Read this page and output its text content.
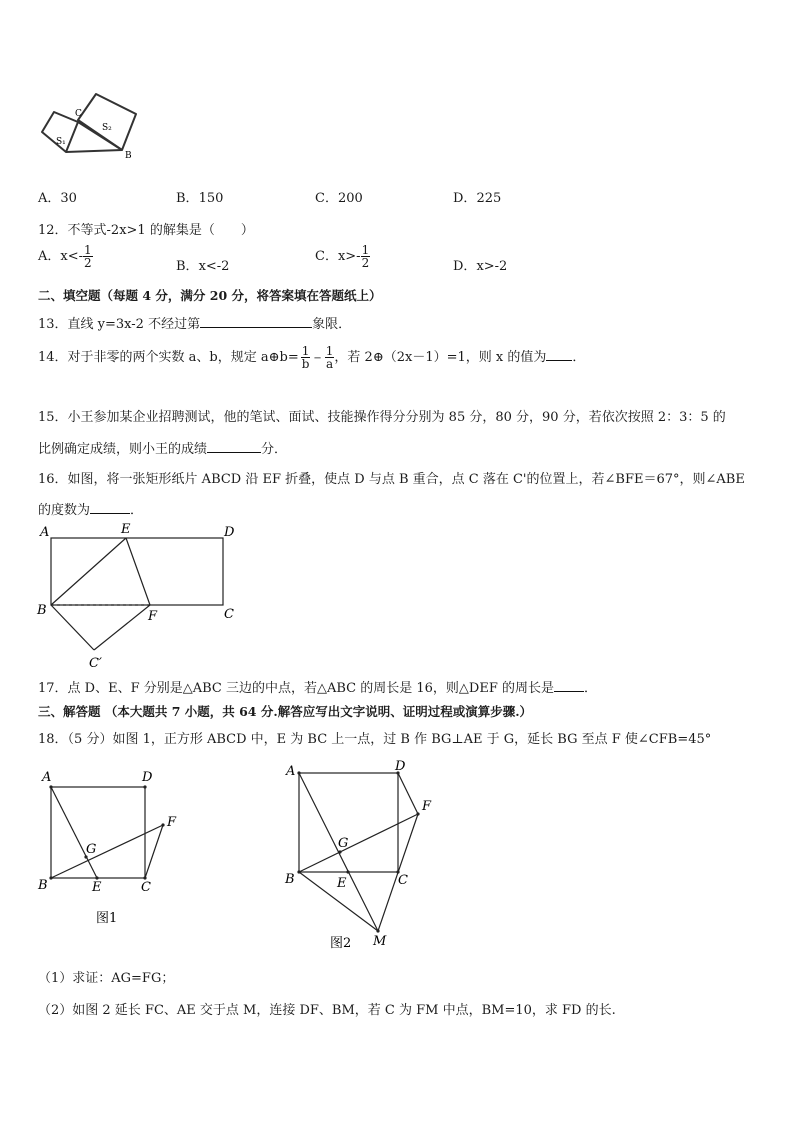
S₁
S₂
C
B
A．30	B．150	C．200	D．225
12．不等式-2x>1 的解集是（　　）
A．$x<- \frac{1}{2}$	B．x<-2
C．$x>- \frac{1}{2}$	D．x>-2
二、填空题（每题 4 分，满分 20 分，将答案填在答题纸上）
13．直线 y=3x-2 不经过第	象限．
14．对于非零的两个实数 a、b，规定 a⊕b= $\frac{1}{b} - \frac{1}{a}$ ，若 2⊕（2x－1）=1，则 x 的值为 ．
15．小王参加某企业招聘测试，他的笔试、面试、技能操作得分分别为 85 分，80 分，90 分，若依次按照 2：3：5 的
比例确定成绩，则小王的成绩	分．
16．如图，将一张矩形纸片 ABCD 沿 EF 折叠，使点 D 与点 B 重合，点 C 落在 C'的位置上，若∠BFE＝67°，则∠ABE
的度数为	．
A	E	D
B	F	C
C′
17．点 D、E、F 分别是△ABC 三边的中点，若△ABC 的周长是 16，则△DEF 的周长是 ．
三、解答题 （本大题共 7 小题，共 64 分.解答应写出文字说明、证明过程或演算步骤.）
18．（5 分）如图 1，正方形 ABCD 中，E 为 BC 上一点，过 B 作 BG⊥AE 于 G，延长 BG 至点 F 使∠CFB=45°
A	D
F
G
B	E	C
图1
A	D
F
G
B	E	C
M
图2
（1）求证：AG=FG；
（2）如图 2 延长 FC、AE 交于点 M，连接 DF、BM，若 C 为 FM 中点，BM=10，求 FD 的长.
